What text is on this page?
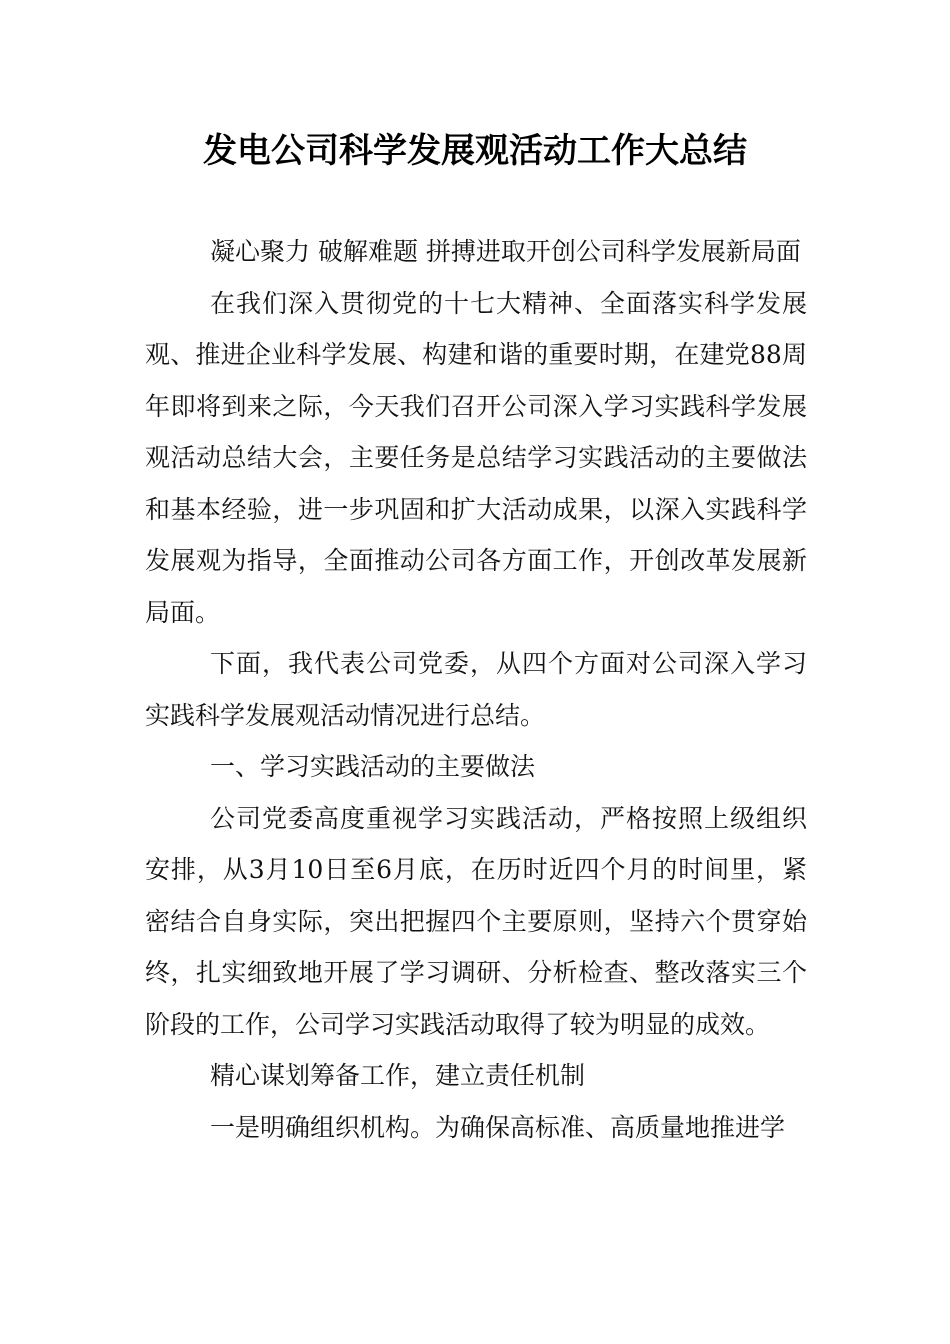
发电公司科学发展观活动工作大总结

凝心聚力 破解难题 拼搏进取开创公司科学发展新局面

在我们深入贯彻党的十七大精神、全面落实科学发展观、推进企业科学发展、构建和谐的重要时期，在建党88周年即将到来之际，今天我们召开公司深入学习实践科学发展观活动总结大会，主要任务是总结学习实践活动的主要做法和基本经验，进一步巩固和扩大活动成果，以深入实践科学发展观为指导，全面推动公司各方面工作，开创改革发展新局面。

下面，我代表公司党委，从四个方面对公司深入学习实践科学发展观活动情况进行总结。

一、学习实践活动的主要做法

公司党委高度重视学习实践活动，严格按照上级组织安排，从3月10日至6月底，在历时近四个月的时间里，紧密结合自身实际，突出把握四个主要原则，坚持六个贯穿始终，扎实细致地开展了学习调研、分析检查、整改落实三个阶段的工作，公司学习实践活动取得了较为明显的成效。

精心谋划筹备工作，建立责任机制

一是明确组织机构。为确保高标准、高质量地推进学
